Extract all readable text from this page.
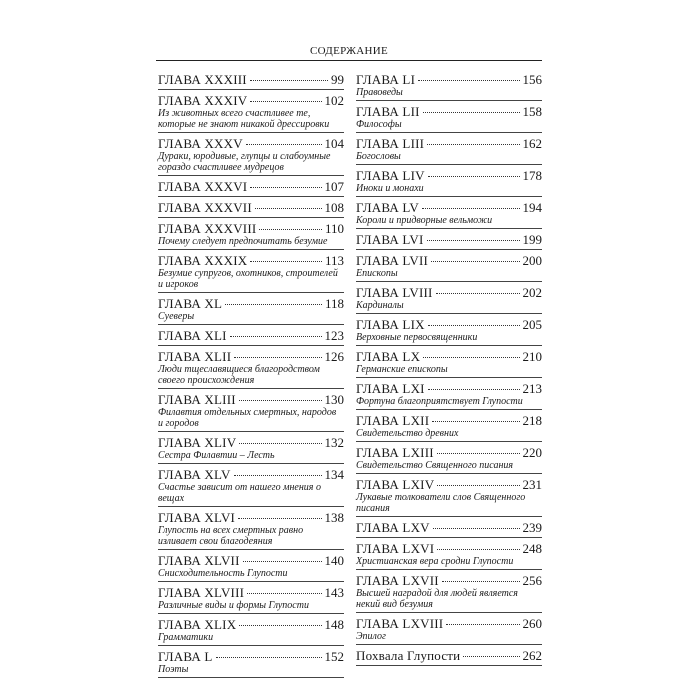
СОДЕРЖАНИЕ
ГЛАВА XXXIII	99
ГЛАВА XXXIV	102
Из животных всего счастливее те, которые не знают никакой дрессировки
ГЛАВА XXXV	104
Дураки, юродивые, глупцы и слабоумные гораздо счастливее мудрецов
ГЛАВА XXXVI	107
ГЛАВА XXXVII	108
ГЛАВА XXXVIII	110
Почему следует предпочитать безумие
ГЛАВА XXXIX	113
Безумие супругов, охотников, строителей и игроков
ГЛАВА XL	118
Суеверы
ГЛАВА XLI	123
ГЛАВА XLII	126
Люди тщеславящиеся благородством своего происхождения
ГЛАВА XLIII	130
Филавтия отдельных смертных, народов и городов
ГЛАВА XLIV	132
Сестра Филавтии – Лесть
ГЛАВА XLV	134
Счастье зависит от нашего мнения о вещах
ГЛАВА XLVI	138
Глупость на всех смертных равно изливает свои благодеяния
ГЛАВА XLVII	140
Снисходительность Глупости
ГЛАВА XLVIII	143
Различные виды и формы Глупости
ГЛАВА XLIX	148
Грамматики
ГЛАВА L	152
Поэты
ГЛАВА LI	156
Правоведы
ГЛАВА LII	158
Философы
ГЛАВА LIII	162
Богословы
ГЛАВА LIV	178
Иноки и монахи
ГЛАВА LV	194
Короли и придворные вельможи
ГЛАВА LVI	199
ГЛАВА LVII	200
Епископы
ГЛАВА LVIII	202
Кардиналы
ГЛАВА LIX	205
Верховные первосвященники
ГЛАВА LX	210
Германские епископы
ГЛАВА LXI	213
Фортуна благоприятствует Глупости
ГЛАВА LXII	218
Свидетельство древних
ГЛАВА LXIII	220
Свидетельство Священного писания
ГЛАВА LXIV	231
Лукавые толкователи слов Священного писания
ГЛАВА LXV	239
ГЛАВА LXVI	248
Христианская вера сродни Глупости
ГЛАВА LXVII	256
Высшей наградой для людей является некий вид безумия
ГЛАВА LXVIII	260
Эпилог
Похвала Глупости	262
